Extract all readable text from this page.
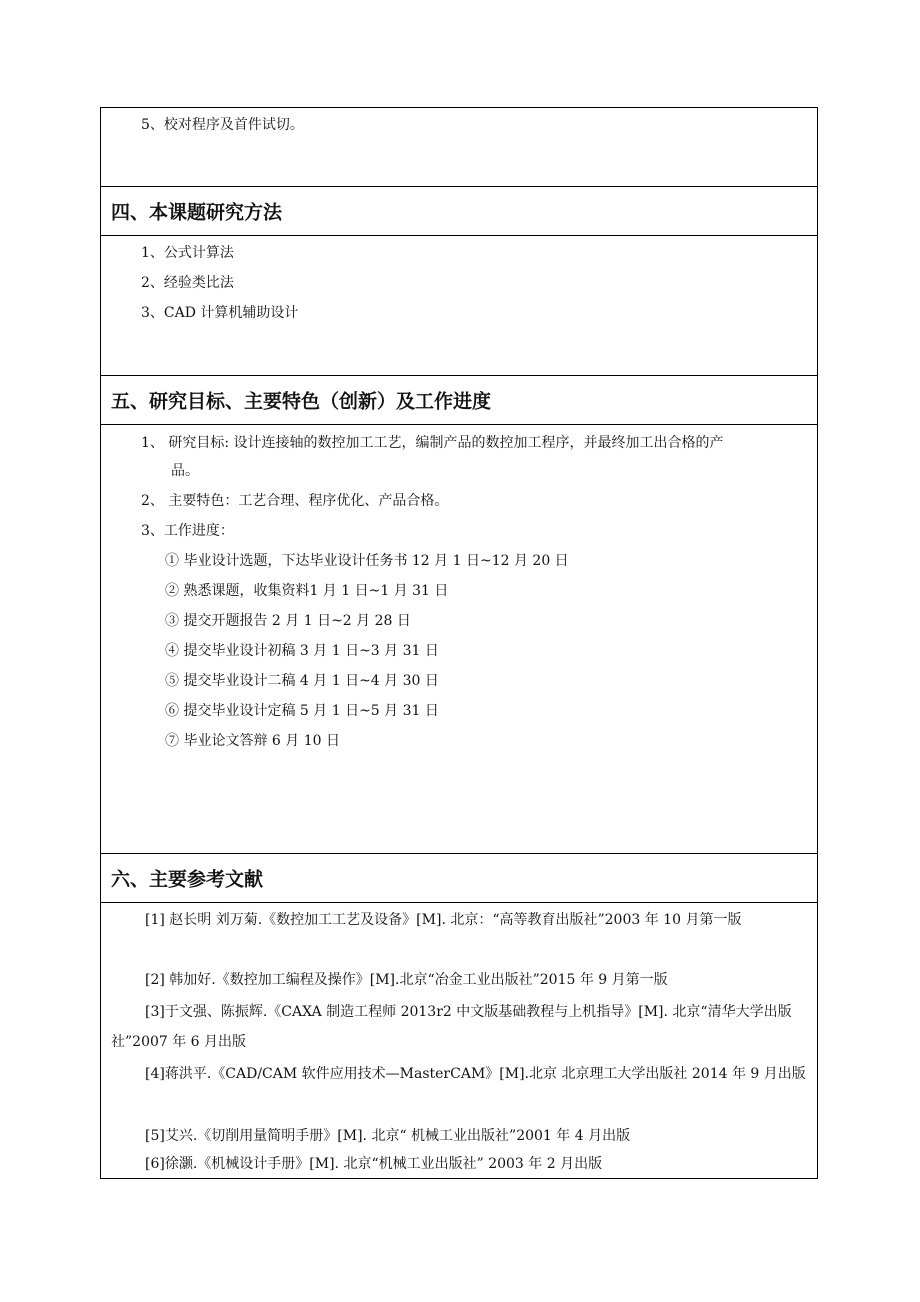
5、校对程序及首件试切。
四、本课题研究方法
1、公式计算法
2、经验类比法
3、CAD 计算机辅助设计
五、研究目标、主要特色（创新）及工作进度
1、 研究目标: 设计连接轴的数控加工工艺，编制产品的数控加工程序，并最终加工出合格的产
品。
2、 主要特色：工艺合理、程序优化、产品合格。
3、工作进度：
① 毕业设计选题，下达毕业设计任务书 12 月 1 日~12 月 20 日
② 熟悉课题，收集资料1 月 1 日~1 月 31 日
③ 提交开题报告 2 月 1 日~2 月 28 日
④ 提交毕业设计初稿 3 月 1 日~3 月 31 日
⑤ 提交毕业设计二稿 4 月 1 日~4 月 30 日
⑥ 提交毕业设计定稿 5 月 1 日~5 月 31 日
⑦ 毕业论文答辩 6 月 10 日
六、主要参考文献
[1] 赵长明 刘万菊.《数控加工工艺及设备》[M]. 北京：“高等教育出版社”2003 年 10 月第一版
[2] 韩加好.《数控加工编程及操作》[M].北京“冶金工业出版社”2015 年 9 月第一版
[3]于文强、陈振辉.《CAXA 制造工程师 2013r2 中文版基础教程与上机指导》[M]. 北京“清华大学出版社”2007 年 6 月出版
[4]蒋洪平.《CAD/CAM 软件应用技术—MasterCAM》[M].北京 北京理工大学出版社 2014 年 9 月出版
[5]艾兴.《切削用量简明手册》[M]. 北京“ 机械工业出版社”2001 年 4 月出版
[6]徐灏.《机械设计手册》[M]. 北京“机械工业出版社” 2003 年 2 月出版
